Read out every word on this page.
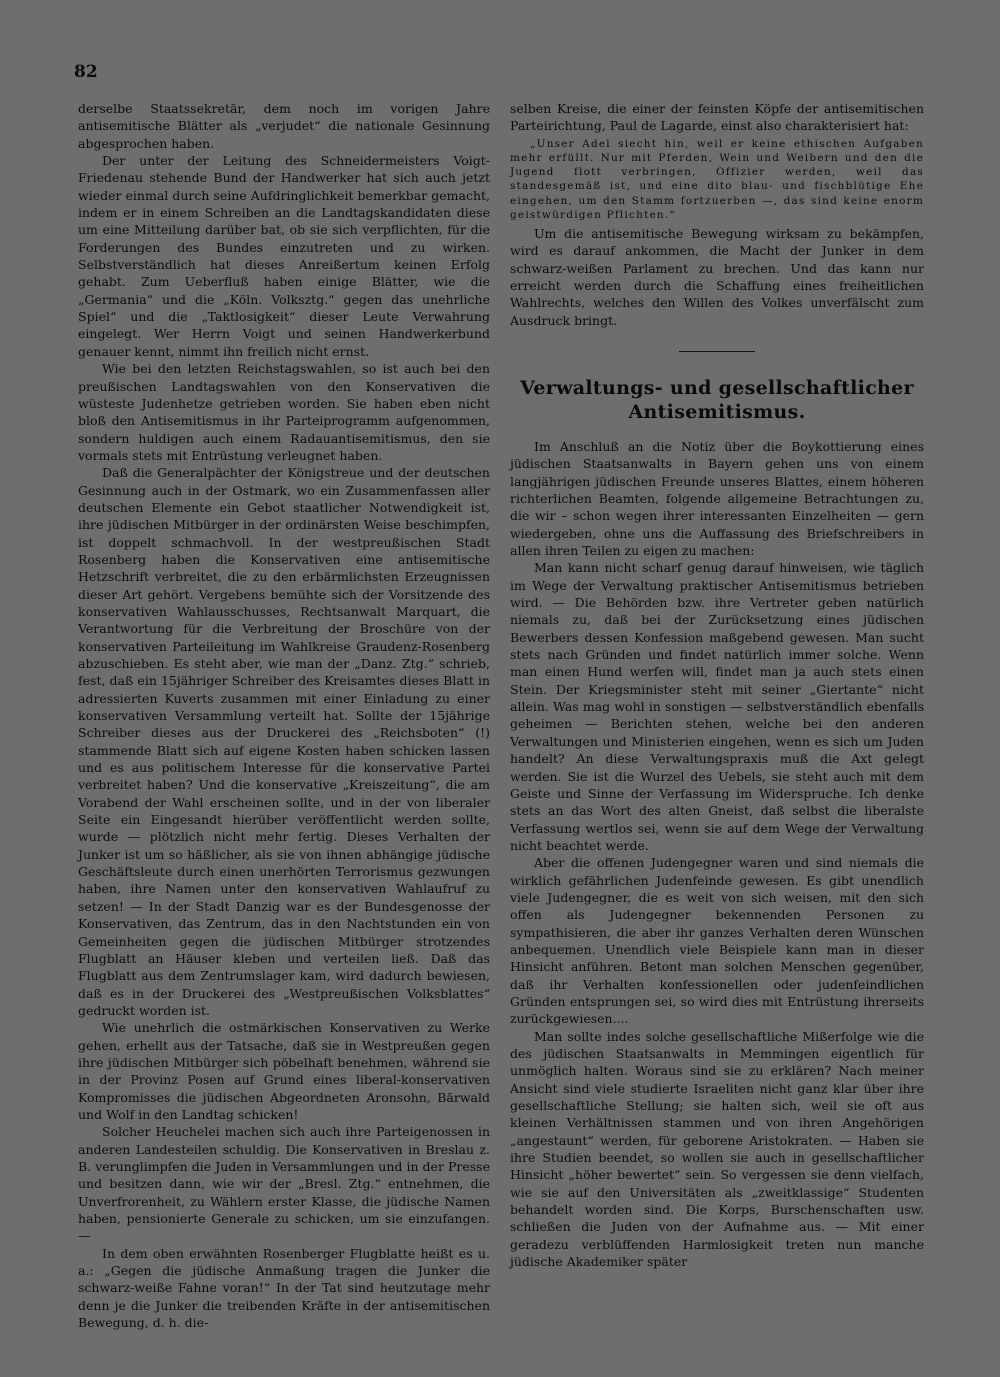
82

derselbe Staatssekretär, dem noch im vorigen Jahre antisemitische Blätter als „verjudet“ die nationale Gesinnung abgesprochen haben.

Der unter der Leitung des Schneidermeisters Voigt-Friedenau stehende Bund der Handwerker hat sich auch jetzt wieder einmal durch seine Aufdringlichkeit bemerkbar gemacht, indem er in einem Schreiben an die Landtagskandidaten diese um eine Mitteilung darüber bat, ob sie sich verpflichten, für die Forderungen des Bundes einzutreten und zu wirken. Selbstverständlich hat dieses Anreißertum keinen Erfolg gehabt. Zum Ueberfluß haben einige Blätter, wie die „Germania“ und die „Köln. Volksztg.“ gegen das unehrliche Spiel“ und die „Taktlosigkeit“ dieser Leute Verwahrung eingelegt. Wer Herrn Voigt und seinen Handwerkerbund genauer kennt, nimmt ihn freilich nicht ernst.

Wie bei den letzten Reichstagswahlen, so ist auch bei den preußischen Landtagswahlen von den Konservativen die wüsteste Judenhetze getrieben worden. Sie haben eben nicht bloß den Antisemitismus in ihr Parteiprogramm aufgenommen, sondern huldigen auch einem Radauantisemitismus, den sie vormals stets mit Entrüstung verleugnet haben.

Daß die Generalpächter der Königstreue und der deutschen Gesinnung auch in der Ostmark, wo ein Zusammenfassen aller deutschen Elemente ein Gebot staatlicher Notwendigkeit ist, ihre jüdischen Mitbürger in der ordinärsten Weise beschimpfen, ist doppelt schmachvoll. In der westpreußischen Stadt Rosenberg haben die Konservativen eine antisemitische Hetzschrift verbreitet, die zu den erbärmlichsten Erzeugnissen dieser Art gehört. Vergebens bemühte sich der Vorsitzende des konservativen Wahlausschusses, Rechtsanwalt Marquart, die Verantwortung für die Verbreitung der Broschüre von der konservativen Parteileitung im Wahlkreise Graudenz-Rosenberg abzuschieben. Es steht aber, wie man der „Danz. Ztg.“ schrieb, fest, daß ein 15jähriger Schreiber des Kreisamtes dieses Blatt in adressierten Kuverts zusammen mit einer Einladung zu einer konservativen Versammlung verteilt hat. Sollte der 15jährige Schreiber dieses aus der Druckerei des „Reichsboten“ (!) stammende Blatt sich auf eigene Kosten haben schicken lassen und es aus politischem Interesse für die konservative Partei verbreitet haben? Und die konservative „Kreiszeitung“, die am Vorabend der Wahl erscheinen sollte, und in der von liberaler Seite ein Eingesandt hierüber veröffentlicht werden sollte, wurde — plötzlich nicht mehr fertig. Dieses Verhalten der Junker ist um so häßlicher, als sie von ihnen abhängige jüdische Geschäftsleute durch einen unerhörten Terrorismus gezwungen haben, ihre Namen unter den konservativen Wahlaufruf zu setzen! — In der Stadt Danzig war es der Bundesgenosse der Konservativen, das Zentrum, das in den Nachtstunden ein von Gemeinheiten gegen die jüdischen Mitbürger strotzendes Flugblatt an Häuser kleben und verteilen ließ. Daß das Flugblatt aus dem Zentrumslager kam, wird dadurch bewiesen, daß es in der Druckerei des „Westpreußischen Volksblattes“ gedruckt worden ist.

Wie unehrlich die ostmärkischen Konservativen zu Werke gehen, erhellt aus der Tatsache, daß sie in Westpreußen gegen ihre jüdischen Mitbürger sich pöbelhaft benehmen, während sie in der Provinz Posen auf Grund eines liberal-konservativen Kompromisses die jüdischen Abgeordneten Aronsohn, Bärwald und Wolf in den Landtag schicken!

Solcher Heuchelei machen sich auch ihre Parteigenossen in anderen Landesteilen schuldig. Die Konservativen in Breslau z. B. verunglimpfen die Juden in Versammlungen und in der Presse und besitzen dann, wie wir der „Bresl. Ztg.“ entnehmen, die Unverfrorenheit, zu Wählern erster Klasse, die jüdische Namen haben, pensionierte Generale zu schicken, um sie einzufangen. —

In dem oben erwähnten Rosenberger Flugblatte heißt es u. a.: „Gegen die jüdische Anmaßung tragen die Junker die schwarz-weiße Fahne voran!“ In der Tat sind heutzutage mehr denn je die Junker die treibenden Kräfte in der antisemitischen Bewegung, d. h. die-

selben Kreise, die einer der feinsten Köpfe der antisemitischen Parteirichtung, Paul de Lagarde, einst also charakterisiert hat:

„Unser Adel siecht hin, weil er keine ethischen Aufgaben mehr erfüllt. Nur mit Pferden, Wein und Weibern und den die Jugend flott verbringen, Offizier werden, weil das standesgemäß ist, und eine dito blau- und fischblütige Ehe eingehen, um den Stamm fortzuerben —, das sind keine enorm geistwürdigen Pflichten.“

Um die antisemitische Bewegung wirksam zu bekämpfen, wird es darauf ankommen, die Macht der Junker in dem schwarz-weißen Parlament zu brechen. Und das kann nur erreicht werden durch die Schaffung eines freiheitlichen Wahlrechts, welches den Willen des Volkes unverfälscht zum Ausdruck bringt.

Verwaltungs- und gesellschaftlicher Antisemitismus.

Im Anschluß an die Notiz über die Boykottierung eines jüdischen Staatsanwalts in Bayern gehen uns von einem langjährigen jüdischen Freunde unseres Blattes, einem höheren richterlichen Beamten, folgende allgemeine Betrachtungen zu, die wir – schon wegen ihrer interessanten Einzelheiten — gern wiedergeben, ohne uns die Auffassung des Briefschreibers in allen ihren Teilen zu eigen zu machen:

Man kann nicht scharf genug darauf hinweisen, wie täglich im Wege der Verwaltung praktischer Antisemitismus betrieben wird. — Die Behörden bzw. ihre Vertreter geben natürlich niemals zu, daß bei der Zurücksetzung eines jüdischen Bewerbers dessen Konfession maßgebend gewesen. Man sucht stets nach Gründen und findet natürlich immer solche. Wenn man einen Hund werfen will, findet man ja auch stets einen Stein. Der Kriegsminister steht mit seiner „Giertante“ nicht allein. Was mag wohl in sonstigen — selbstverständlich ebenfalls geheimen — Berichten stehen, welche bei den anderen Verwaltungen und Ministerien eingehen, wenn es sich um Juden handelt? An diese Verwaltungspraxis muß die Axt gelegt werden. Sie ist die Wurzel des Uebels, sie steht auch mit dem Geiste und Sinne der Verfassung im Widerspruche. Ich denke stets an das Wort des alten Gneist, daß selbst die liberalste Verfassung wertlos sei, wenn sie auf dem Wege der Verwaltung nicht beachtet werde.

Aber die offenen Judengegner waren und sind niemals die wirklich gefährlichen Judenfeinde gewesen. Es gibt unendlich viele Judengegner, die es weit von sich weisen, mit den sich offen als Judengegner bekennenden Personen zu sympathisieren, die aber ihr ganzes Verhalten deren Wünschen anbequemen. Unendlich viele Beispiele kann man in dieser Hinsicht anführen. Betont man solchen Menschen gegenüber, daß ihr Verhalten konfessionellen oder judenfeindlichen Gründen entsprungen sei, so wird dies mit Entrüstung ihrerseits zurückgewiesen....

Man sollte indes solche gesellschaftliche Mißerfolge wie die des jüdischen Staatsanwalts in Memmingen eigentlich für unmöglich halten. Woraus sind sie zu erklären? Nach meiner Ansicht sind viele studierte Israeliten nicht ganz klar über ihre gesellschaftliche Stellung; sie halten sich, weil sie oft aus kleinen Verhältnissen stammen und von ihren Angehörigen „angestaunt“ werden, für geborene Aristokraten. — Haben sie ihre Studien beendet, so wollen sie auch in gesellschaftlicher Hinsicht „höher bewertet“ sein. So vergessen sie denn vielfach, wie sie auf den Universitäten als „zweitklassige“ Studenten behandelt worden sind. Die Korps, Burschenschaften usw. schließen die Juden von der Aufnahme aus. — Mit einer geradezu verblüffenden Harmlosigkeit treten nun manche jüdische Akademiker später
